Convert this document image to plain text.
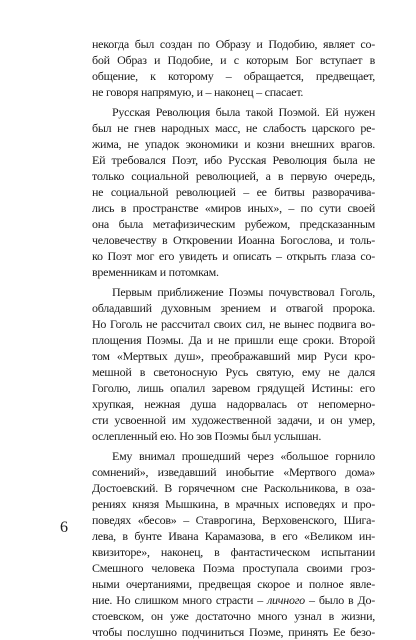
некогда был создан по Образу и Подобию, являет со-
бой Образ и Подобие, и с которым Бог вступает в
общение, к которому – обращается, предвещает,
не говоря напрямую, и – наконец – спасает.
Русская Революция была такой Поэмой. Ей нужен
был не гнев народных масс, не слабость царского ре-
жима, не упадок экономики и козни внешних врагов.
Ей требовался Поэт, ибо Русская Революция была не
только социальной революцией, а в первую очередь,
не социальной революцией – ее битвы разворачива-
лись в пространстве «миров иных», – по сути своей
она была метафизическим рубежом, предсказанным
человечеству в Откровении Иоанна Богослова, и толь-
ко Поэт мог его увидеть и описать – открыть глаза со-
временникам и потомкам.
Первым приближение Поэмы почувствовал Гоголь,
обладавший духовным зрением и отвагой пророка.
Но Гоголь не рассчитал своих сил, не вынес подвига во-
площения Поэмы. Да и не пришли еще сроки. Второй
том «Мертвых душ», преображавший мир Руси кро-
мешной в светоносную Русь святую, ему не дался
Гоголю, лишь опалил заревом грядущей Истины: его
хрупкая, нежная душа надорвалась от непомерно-
сти усвоенной им художественной задачи, и он умер,
ослепленный ею. Но зов Поэмы был услышан.
Ему внимал прошедший через «большое горнило
сомнений», изведавший инобытие «Мертвого дома»
Достоевский. В горячечном сне Раскольникова, в оза-
рениях князя Мышкина, в мрачных исповедях и про-
поведях «бесов» – Ставрогина, Верховенского, Шига-
лева, в бунте Ивана Карамазова, в его «Великом ин-
квизиторе», наконец, в фантастическом испытании
Смешного человека Поэма проступала своими гроз-
ными очертаниями, предвещая скорое и полное явле-
ние. Но слишком много страсти – личного – было в До-
стоевском, он уже достаточно много узнал в жизни,
чтобы послушно подчиниться Поэме, принять Ее безо-
6
